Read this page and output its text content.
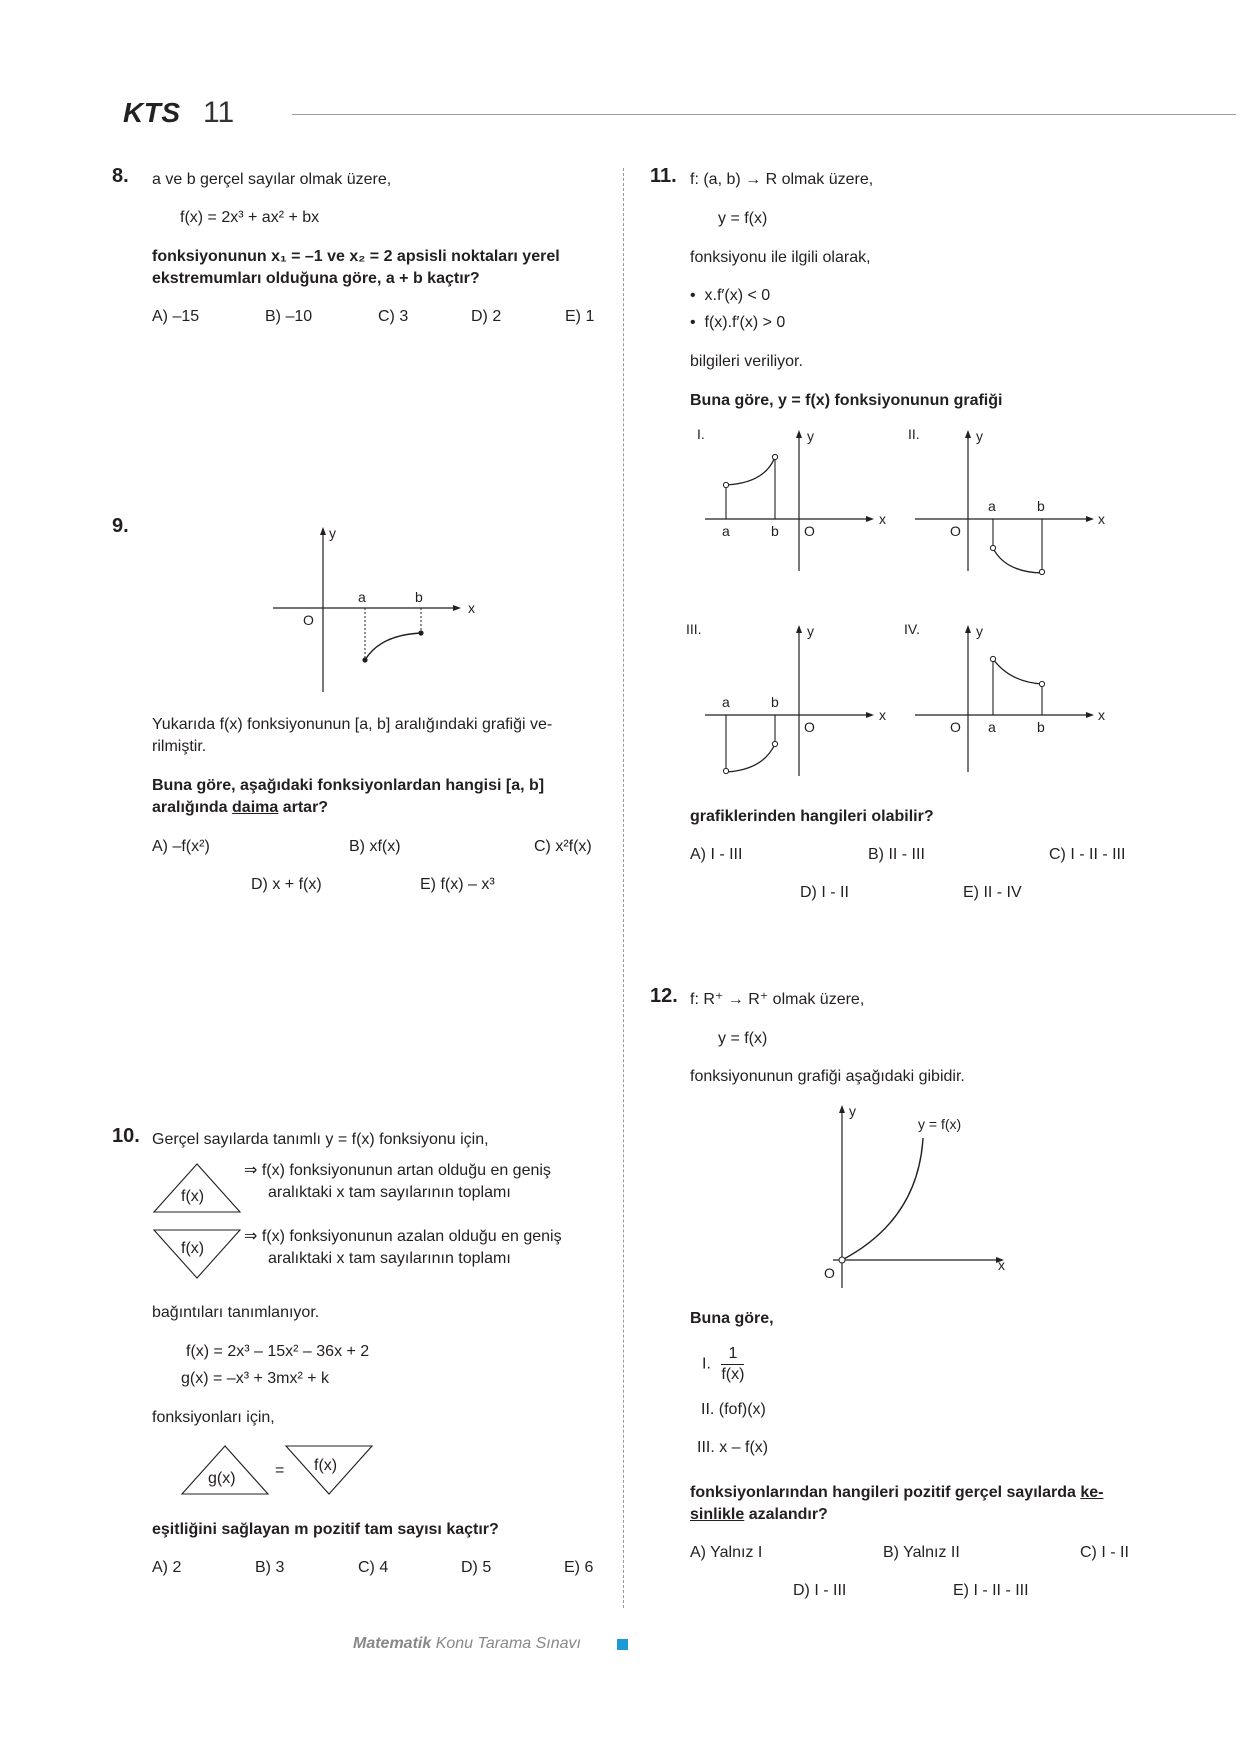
KTS 11
8. a ve b gerçel sayılar olmak üzere,
f(x) = 2x³ + ax² + bx
fonksiyonunun x₁ = –1 ve x₂ = 2 apsisli noktaları yerel
ekstremumları olduğuna göre, a + b kaçtır?
A) –15	B) –10	C) 3	D) 2	E) 1
9.	y
x
O
a	b
Yukarıda f(x) fonksiyonunun [a, b] aralığındaki grafiği ve-
rilmiştir.
Buna göre, aşağıdaki fonksiyonlardan hangisi [a, b]
aralığında daima artar?
A) –f(x²)	B) xf(x)	C) x²f(x)
D) x + f(x)	E) f(x) – x³
10. Gerçel sayılarda tanımlı y = f(x) fonksiyonu için,
f(x)
⇒ f(x) fonksiyonunun artan olduğu en geniş
aralıktaki x tam sayılarının toplamı
f(x)
⇒ f(x) fonksiyonunun azalan olduğu en geniş
aralıktaki x tam sayılarının toplamı
bağıntıları tanımlanıyor.
f(x) = 2x³ – 15x² – 36x + 2
g(x) = –x³ + 3mx² + k
fonksiyonları için,
g(x) = f(x)
eşitliğini sağlayan m pozitif tam sayısı kaçtır?
A) 2	B) 3	C) 4	D) 5	E) 6
11. f: (a, b) → R olmak üzere,
y = f(x)
fonksiyonu ile ilgili olarak,
•  x.f′(x) < 0
•  f(x).f′(x) > 0
bilgileri veriliyor.
Buna göre, y = f(x) fonksiyonunun grafiği
I.	y
x
O
a	b
II.	y
x
O
a	b
III.	y
x
O
a	b
IV.	y
x
O a	b
grafiklerinden hangileri olabilir?
A) I - III	B) II - III	C) I - II - III
D) I - II	E) II - IV
12. f: R⁺ → R⁺ olmak üzere,
y = f(x)
fonksiyonunun grafiği aşağıdaki gibidir.
y
x
O
y = f(x)
Buna göre,
I. $\frac{1}{f(x)}$
II. (fof)(x)
III. x – f(x)
fonksiyonlarından hangileri pozitif gerçel sayılarda ke-
sinlikle azalandır?
A) Yalnız I	B) Yalnız II	C) I - II
D) I - III	E) I - II - III
Matematik Konu Tarama Sınavı
